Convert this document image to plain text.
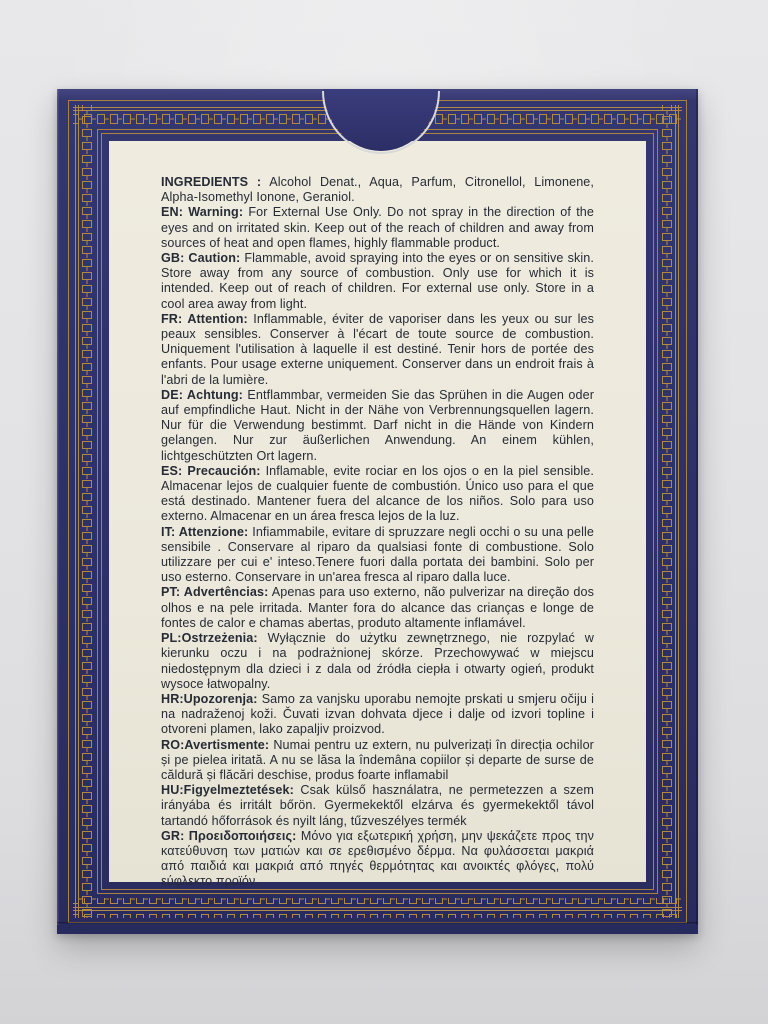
INGREDIENTS : Alcohol Denat., Aqua, Parfum, Citronellol, Limonene, Alpha-Isomethyl Ionone, Geraniol.

EN: Warning: For External Use Only. Do not spray in the direction of the eyes and on irritated skin. Keep out of the reach of children and away from sources of heat and open flames, highly flammable product.

GB: Caution: Flammable, avoid spraying into the eyes or on sensitive skin. Store away from any source of combustion. Only use for which it is intended. Keep out of reach of children. For external use only. Store in a cool area away from light.

FR: Attention: Inflammable, éviter de vaporiser dans les yeux ou sur les peaux sensibles. Conserver à l'écart de toute source de combustion. Uniquement l'utilisation à laquelle il est destiné. Tenir hors de portée des enfants. Pour usage externe uniquement. Conserver dans un endroit frais à l'abri de la lumière.

DE: Achtung: Entflammbar, vermeiden Sie das Sprühen in die Augen oder auf empfindliche Haut. Nicht in der Nähe von Verbrennungsquellen lagern. Nur für die Verwendung bestimmt. Darf nicht in die Hände von Kindern gelangen. Nur zur äußerlichen Anwendung. An einem kühlen, lichtgeschützten Ort lagern.

ES: Precaución: Inflamable, evite rociar en los ojos o en la piel sensible. Almacenar lejos de cualquier fuente de combustión. Único uso para el que está destinado. Mantener fuera del alcance de los niños. Solo para uso externo. Almacenar en un área fresca lejos de la luz.

IT: Attenzione: Infiammabile, evitare di spruzzare negli occhi o su una pelle sensibile . Conservare al riparo da qualsiasi fonte di combustione. Solo utilizzare per cui e' inteso.Tenere fuori dalla portata dei bambini. Solo per uso esterno. Conservare in un'area fresca al riparo dalla luce.

PT: Advertências: Apenas para uso externo, não pulverizar na direção dos olhos e na pele irritada. Manter fora do alcance das crianças e longe de fontes de calor e chamas abertas, produto altamente inflamável.

PL:Ostrzeżenia: Wyłącznie do użytku zewnętrznego, nie rozpylać w kierunku oczu i na podrażnionej skórze. Przechowywać w miejscu niedostępnym dla dzieci i z dala od źródła ciepła i otwarty ogień, produkt wysoce łatwopalny.

HR:Upozorenja: Samo za vanjsku uporabu nemojte prskati u smjeru očiju i na nadraženoj koži. Čuvati izvan dohvata djece i dalje od izvori topline i otvoreni plamen, lako zapaljiv proizvod.

RO:Avertismente: Numai pentru uz extern, nu pulverizați în direcția ochilor și pe pielea iritată. A nu se lăsa la îndemâna copiilor și departe de surse de căldură și flăcări deschise, produs foarte inflamabil

HU:Figyelmeztetések: Csak külső használatra, ne permetezzen a szem irányába és irritált bőrön. Gyermekektől elzárva és gyermekektől távol tartandó hőforrások és nyilt láng, tűzveszélyes termék

GR: Προειδοποιήσεις: Μόνο για εξωτερική χρήση, μην ψεκάζετε προς την κατεύθυνση των ματιών και σε ερεθισμένο δέρμα. Να φυλάσσεται μακριά από παιδιά και μακριά από πηγές θερμότητας και ανοικτές φλόγες, πολύ εύφλεκτο προϊόν.
